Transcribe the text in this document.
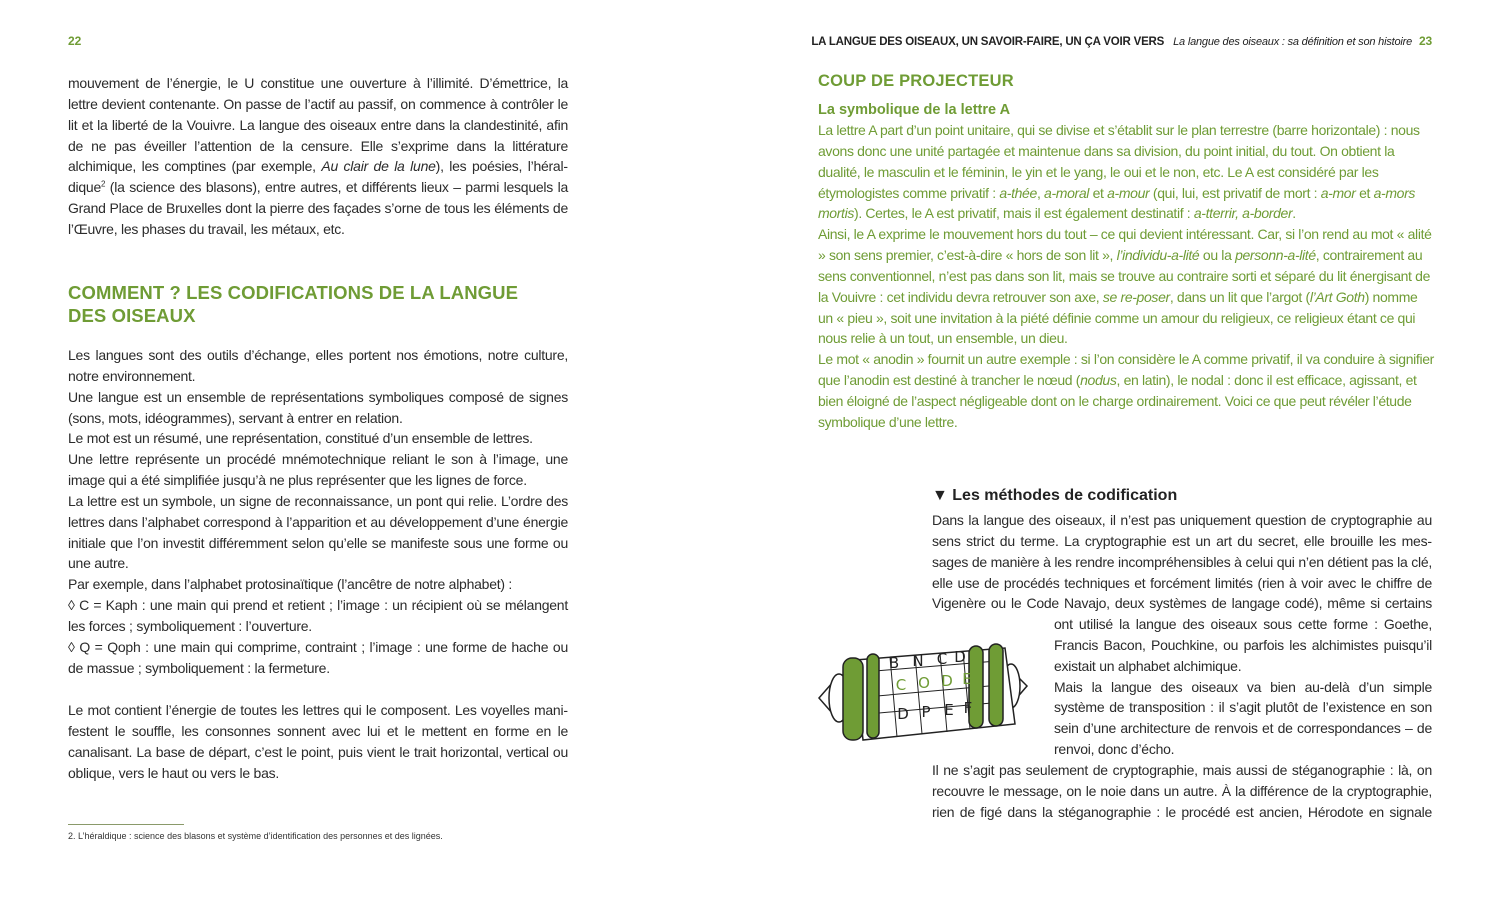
22

mouvement de l’énergie, le U constitue une ouverture à l’illimité. D’émettrice, la lettre devient contenante. On passe de l’actif au passif, on commence à contrôler le lit et la liberté de la Vouivre. La langue des oiseaux entre dans la clandestinité, afin de ne pas éveiller l’attention de la censure. Elle s’exprime dans la littérature alchimique, les comptines (par exemple, Au clair de la lune), les poésies, l’héraldique$^2$ (la science des blasons), entre autres, et différents lieux – parmi lesquels la Grand Place de Bruxelles dont la pierre des façades s’orne de tous les éléments de l’Œuvre, les phases du travail, les métaux, etc.

COMMENT ? LES CODIFICATIONS DE LA LANGUE DES OISEAUX

Les langues sont des outils d’échange, elles portent nos émotions, notre culture, notre environnement.

Une langue est un ensemble de représentations symboliques composé de signes (sons, mots, idéogrammes), servant à entrer en relation.

Le mot est un résumé, une représentation, constitué d’un ensemble de lettres.

Une lettre représente un procédé mnémotechnique reliant le son à l’image, une image qui a été simplifiée jusqu’à ne plus représenter que les lignes de force.

La lettre est un symbole, un signe de reconnaissance, un pont qui relie. L’ordre des lettres dans l’alphabet correspond à l’apparition et au développement d’une énergie initiale que l’on investit différemment selon qu’elle se manifeste sous une forme ou une autre.

Par exemple, dans l’alphabet protosinaïtique (l’ancêtre de notre alphabet) :

◊ C = Kaph : une main qui prend et retient ; l’image : un récipient où se mélangent les forces ; symboliquement : l’ouverture.

◊ Q = Qoph : une main qui comprime, contraint ; l’image : une forme de hache ou de massue ; symboliquement : la fermeture.

Le mot contient l’énergie de toutes les lettres qui le composent. Les voyelles manifestent le souffle, les consonnes sonnent avec lui et le mettent en forme en le canalisant. La base de départ, c’est le point, puis vient le trait horizontal, vertical ou oblique, vers le haut ou vers le bas.

2. L’héraldique : science des blasons et système d’identification des personnes et des lignées.
LA LANGUE DES OISEAUX, UN SAVOIR-FAIRE, UN ÇA VOIR VERS La langue des oiseaux : sa définition et son histoire 23
COUP DE PROJECTEUR
La symbolique de la lettre A

La lettre A part d’un point unitaire, qui se divise et s’établit sur le plan terrestre (barre horizontale) : nous avons donc une unité partagée et maintenue dans sa division, du point initial, du tout. On obtient la dualité, le masculin et le féminin, le yin et le yang, le oui et le non, etc. Le A est considéré par les étymologistes comme privatif : a-thée, a-moral et a-mour (qui, lui, est privatif de mort : a-mor et a-mors mortis). Certes, le A est privatif, mais il est également destinatif : a-tterrir, a-border.

Ainsi, le A exprime le mouvement hors du tout – ce qui devient intéressant. Car, si l’on rend au mot « alité » son sens premier, c’est-à-dire « hors de son lit », l’individu-a-lité ou la personn-a-lité, contrairement au sens conventionnel, n’est pas dans son lit, mais se trouve au contraire sorti et séparé du lit énergisant de la Vouivre : cet individu devra retrouver son axe, se re-poser, dans un lit que l’argot (l’Art Goth) nomme un « pieu », soit une invitation à la piété définie comme un amour du religieux, ce religieux étant ce qui nous relie à un tout, un ensemble, un dieu.

Le mot « anodin » fournit un autre exemple : si l’on considère le A comme privatif, il va conduire à signifier que l’anodin est destiné à trancher le nœud (nodus, en latin), le nodal : donc il est efficace, agissant, et bien éloigné de l’aspect négligeable dont on le charge ordinairement. Voici ce que peut révéler l’étude symbolique d’une lettre.

▼ Les méthodes de codification

Dans la langue des oiseaux, il n’est pas uniquement question de cryptographie au sens strict du terme. La cryptographie est un art du secret, elle brouille les messages de manière à les rendre incompréhensibles à celui qui n’en détient pas la clé, elle use de procédés techniques et forcément limités (rien à voir avec le chiffre de Vigenère ou le Code Navajo, deux systèmes de langage codé), même si certains

ont utilisé la langue des oiseaux sous cette forme : Goethe, Francis Bacon, Pouchkine, ou parfois les alchimistes puisqu’il existait un alphabet alchimique.

Mais la langue des oiseaux va bien au-delà d’un simple système de transposition : il s’agit plutôt de l’existence en son sein d’une architecture de renvois et de correspondances – de renvoi, donc d’écho.

Il ne s’agit pas seulement de cryptographie, mais aussi de stéganographie : là, on recouvre le message, on le noie dans un autre. À la différence de la cryptographie, rien de figé dans la stéganographie : le procédé est ancien, Hérodote en signale

B N C D
C O D E
D P E F
